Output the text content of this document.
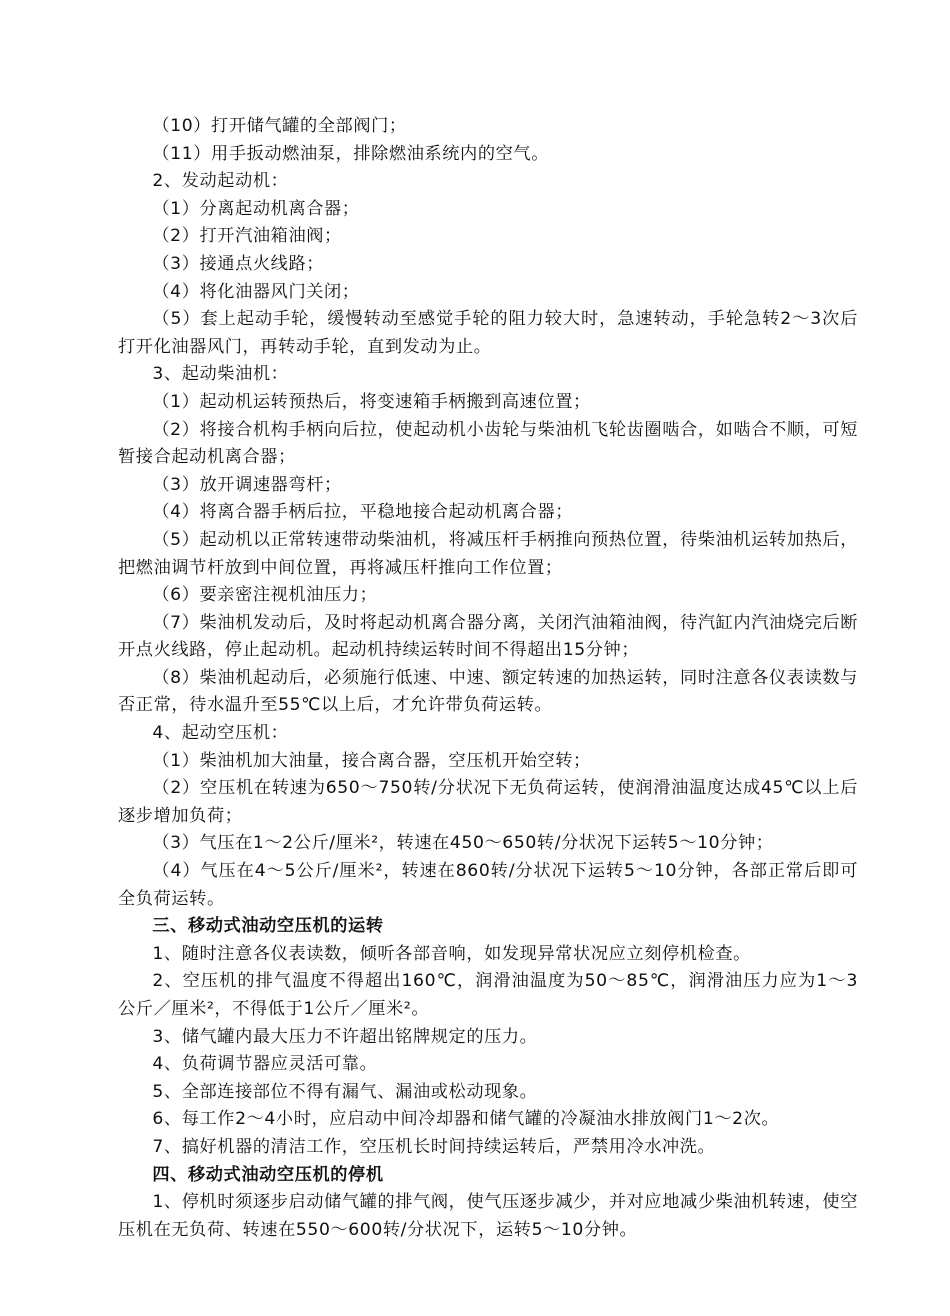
（10）打开储气罐的全部阀门；

（11）用手扳动燃油泵，排除燃油系统内的空气。

2、发动起动机：

（1）分离起动机离合器；

（2）打开汽油箱油阀；

（3）接通点火线路；

（4）将化油器风门关闭；

（5）套上起动手轮，缓慢转动至感觉手轮的阻力较大时，急速转动，手轮急转2～3次后打开化油器风门，再转动手轮，直到发动为止。

3、起动柴油机：

（1）起动机运转预热后，将变速箱手柄搬到高速位置；

（2）将接合机构手柄向后拉，使起动机小齿轮与柴油机飞轮齿圈啮合，如啮合不顺，可短暂接合起动机离合器；

（3）放开调速器弯杆；

（4）将离合器手柄后拉，平稳地接合起动机离合器；

（5）起动机以正常转速带动柴油机，将减压杆手柄推向预热位置，待柴油机运转加热后，把燃油调节杆放到中间位置，再将减压杆推向工作位置；

（6）要亲密注视机油压力；

（7）柴油机发动后，及时将起动机离合器分离，关闭汽油箱油阀，待汽缸内汽油烧完后断开点火线路，停止起动机。起动机持续运转时间不得超出15分钟；

（8）柴油机起动后，必须施行低速、中速、额定转速的加热运转，同时注意各仪表读数与否正常，待水温升至55℃以上后，才允许带负荷运转。

4、起动空压机：

（1）柴油机加大油量，接合离合器，空压机开始空转；

（2）空压机在转速为650～750转/分状况下无负荷运转，使润滑油温度达成45℃以上后逐步增加负荷；

（3）气压在1～2公斤/厘米²，转速在450～650转/分状况下运转5～10分钟；

（4）气压在4～5公斤/厘米²，转速在860转/分状况下运转5～10分钟，各部正常后即可全负荷运转。

三、移动式油动空压机的运转

1、随时注意各仪表读数，倾听各部音响，如发现异常状况应立刻停机检查。

2、空压机的排气温度不得超出160℃，润滑油温度为50～85℃，润滑油压力应为1～3公斤／厘米²，不得低于1公斤／厘米²。

3、储气罐内最大压力不许超出铭牌规定的压力。

4、负荷调节器应灵活可靠。

5、全部连接部位不得有漏气、漏油或松动现象。

6、每工作2～4小时，应启动中间冷却器和储气罐的冷凝油水排放阀门1～2次。

7、搞好机器的清洁工作，空压机长时间持续运转后，严禁用冷水冲洗。

四、移动式油动空压机的停机

1、停机时须逐步启动储气罐的排气阀，使气压逐步减少，并对应地减少柴油机转速，使空压机在无负荷、转速在550～600转/分状况下，运转5～10分钟。
